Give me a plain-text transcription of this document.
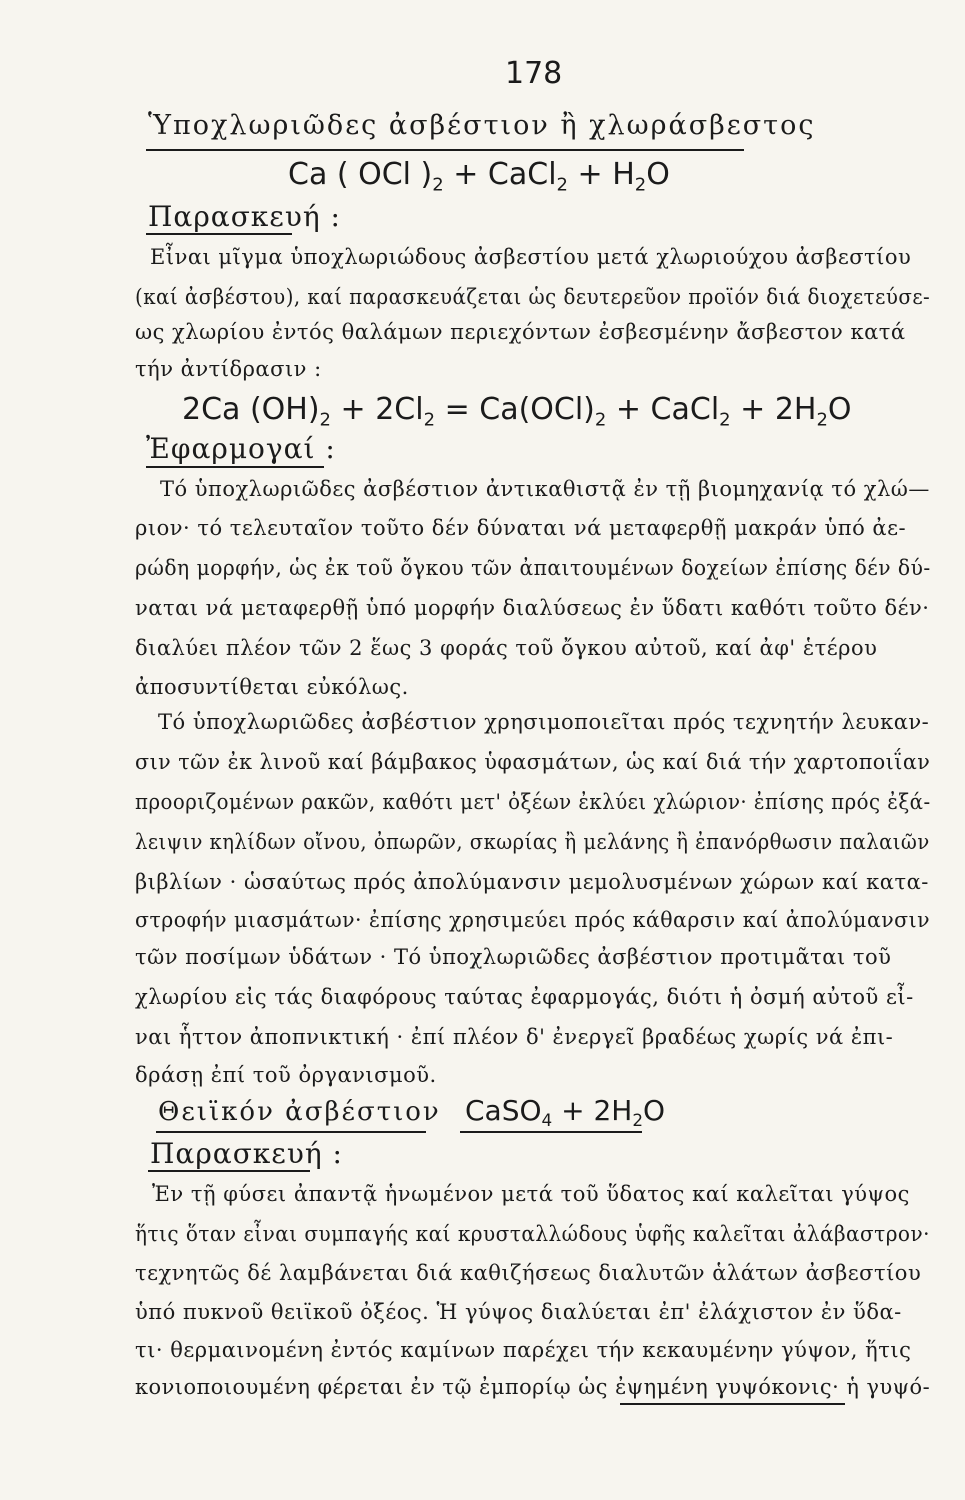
178
Ὑποχλωριῶδες ἀσβέστιον ἢ χλωράσβεστος
Ca ( OCl )$_2$ + CaCl$_2$ + $H_2O$
Παρασκευή :
Εἶναι μῖγμα ὑποχλωριώδους ἀσβεστίου μετά χλωριούχου ἀσβεστίου
(καί ἀσβέστου), καί παρασκευάζεται ὡς δευτερεῦον προϊόν διά διοχετεύσε-
ως χλωρίου ἐντός θαλάμων περιεχόντων ἐσβεσμένην ἄσβεστον κατά
τήν ἀντίδρασιν :
2Ca $(OH)_2 + 2Cl_2 = Ca(OCl)_2$ + CaCl$_2$ + $2H_2O$
Ἐφαρμογαί :
Τό ὑποχλωριῶδες ἀσβέστιον ἀντικαθιστᾷ ἐν τῇ βιομηχανίᾳ τό χλώ—
ριον· τό τελευταῖον τοῦτο δέν δύναται νά μεταφερθῇ μακράν ὑπό ἀε-
ρώδη μορφήν, ὡς ἐκ τοῦ ὄγκου τῶν ἀπαιτουμένων δοχείων ἐπίσης δέν δύ-
ναται νά μεταφερθῇ ὑπό μορφήν διαλύσεως ἐν ὕδατι καθότι τοῦτο δέν·
διαλύει πλέον τῶν 2 ἕως 3 φοράς τοῦ ὄγκου αὐτοῦ, καί ἀφ' ἑτέρου
ἀποσυντίθεται εὐκόλως.
Τό ὑποχλωριῶδες ἀσβέστιον χρησιμοποιεῖται πρός τεχνητήν λευκαν-
σιν τῶν ἐκ λινοῦ καί βάμβακος ὑφασμάτων, ὡς καί διά τήν χαρτοποιΐαν
προοριζομένων ρακῶν, καθότι μετ' ὀξέων ἐκλύει χλώριον· ἐπίσης πρός ἐξά-
λειψιν κηλίδων οἴνου, ὀπωρῶν, σκωρίας ἢ μελάνης ἢ ἐπανόρθωσιν παλαιῶν
βιβλίων · ὡσαύτως πρός ἀπολύμανσιν μεμολυσμένων χώρων καί κατα-
στροφήν μιασμάτων· ἐπίσης χρησιμεύει πρός κάθαρσιν καί ἀπολύμανσιν
τῶν ποσίμων ὑδάτων · Τό ὑποχλωριῶδες ἀσβέστιον προτιμᾶται τοῦ
χλωρίου εἰς τάς διαφόρους ταύτας ἐφαρμογάς, διότι ἡ ὀσμή αὐτοῦ εἶ-
ναι ἧττον ἀποπνικτική · ἐπί πλέον δ' ἐνεργεῖ βραδέως χωρίς νά ἐπι-
δράσῃ ἐπί τοῦ ὀργανισμοῦ.
Θειϊκόν ἀσβέστιον CaSO$_4$ + $2H_2O$
Παρασκευή :
Ἐν τῇ φύσει ἀπαντᾷ ἡνωμένον μετά τοῦ ὕδατος καί καλεῖται γύψος
ἥτις ὅταν εἶναι συμπαγής καί κρυσταλλώδους ὑφῆς καλεῖται ἀλάβαστρον·
τεχνητῶς δέ λαμβάνεται διά καθιζήσεως διαλυτῶν ἁλάτων ἀσβεστίου
ὑπό πυκνοῦ θειϊκοῦ ὀξέος. Ἡ γύψος διαλύεται ἐπ' ἐλάχιστον ἐν ὕδα-
τι· θερμαινομένη ἐντός καμίνων παρέχει τήν κεκαυμένην γύψον, ἥτις
κονιοποιουμένη φέρεται ἐν τῷ ἐμπορίῳ ὡς ἐψημένη γυψόκονις· ἡ γυψό-
